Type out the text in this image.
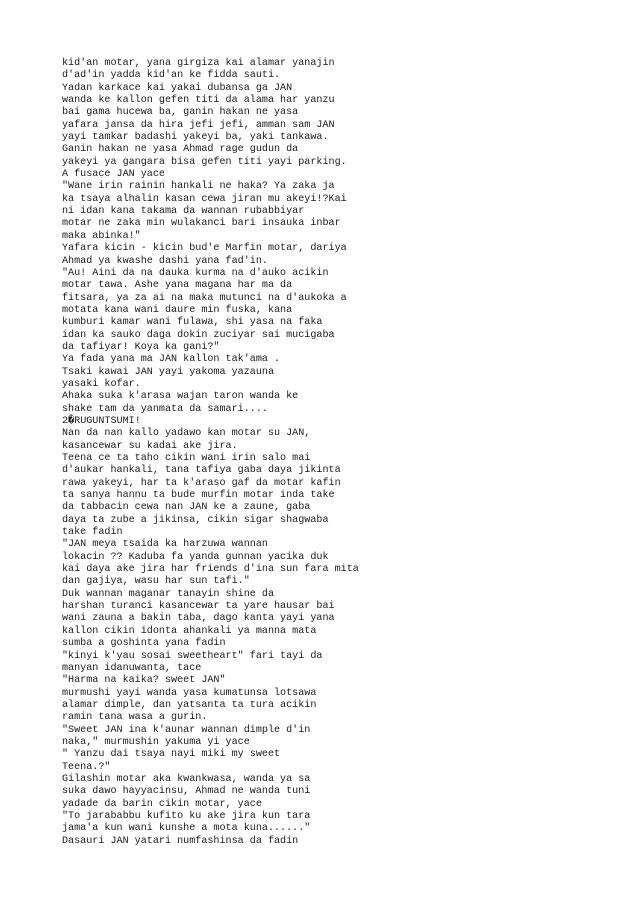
kid'an motar, yana girgiza kai alamar yanajin
d'ad'in yadda kid'an ke fidda sauti.
Yadan karkace kai yakai dubansa ga JAN
wanda ke kallon gefen titi da alama har yanzu
bai gama hucewa ba, ganin hakan ne yasa
yafara jansa da hira jefi jefi, amman sam JAN
yayi tamkar badashi yakeyi ba, yaki tankawa.
Ganin hakan ne yasa Ahmad rage gudun da
yakeyi ya gangara bisa gefen titi yayi parking.
A fusace JAN yace
"Wane irin rainin hankali ne haka? Ya zaka ja
ka tsaya alhalin kasan cewa jiran mu akeyi!?Kai
ni idan kana takama da wannan rubabbiyar
motar ne zaka min wulakanci bari insauka inbar
maka abinka!"
Yafara kicin - kicin bud'e Marfin motar, dariya
Ahmad ya kwashe dashi yana fad'in.
"Au! Aini da na dauka kurma na d'auko acikin
motar tawa. Ashe yana magana har ma da
fitsara, ya za ai na maka mutunci na d'aukoka a
motata kana wani daure min fuska, kana
kumburi kamar wani fulawa, shi yasa na faka
idan ka sauko daga dokin zuciyar sai mucigaba
da tafiyar! Koya ka gani?"
Ya fada yana ma JAN kallon tak'ama .
Tsaki kawai JAN yayi yakoma yazauna
yasaki kofar.
Ahaka suka k'arasa wajan taron wanda ke
shake tam da yanmata da samari....
2�RUGUNTSUMI!
Nan da nan kallo yadawo kan motar su JAN,
kasancewar su kadai ake jira.
Teena ce ta taho cikin wani irin salo mai
d'aukar hankali, tana tafiya gaba daya jikinta
rawa yakeyi, har ta k'araso gaf da motar kafin
ta sanya hannu ta bude murfin motar inda take
da tabbacin cewa nan JAN ke a zaune, gaba
daya ta zube a jikinsa, cikin sigar shagwaba
take fadin
"JAN meya tsaida ka harzuwa wannan
lokacin ?? Kaduba fa yanda gunnan yacika duk
kai daya ake jira har friends d'ina sun fara mita
dan gajiya, wasu har sun tafi."
Duk wannan maganar tanayin shine da
harshan turanci kasancewar ta yare hausar bai
wani zauna a bakin taba, dago kanta yayi yana
kallon cikin idonta ahankali ya manna mata
sumba a goshinta yana fadin
"kinyi k'yau sosai sweetheart" fari tayi da
manyan idanuwanta, tace
"Harma na kaika? sweet JAN"
murmushi yayi wanda yasa kumatunsa lotsawa
alamar dimple, dan yatsanta ta tura acikin
ramin tana wasa a gurin.
"Sweet JAN ina k'aunar wannan dimple d'in
naka," murmushin yakuma yi yace
" Yanzu dai tsaya nayi miki my sweet
Teena.?"
Gilashin motar aka kwankwasa, wanda ya sa
suka dawo hayyacinsu, Ahmad ne wanda tuni
yadade da barin cikin motar, yace
"To jarababbu kufito ku ake jira kun tara
jama'a kun wani kunshe a mota kuna......"
Dasauri JAN yatari numfashinsa da fadin
